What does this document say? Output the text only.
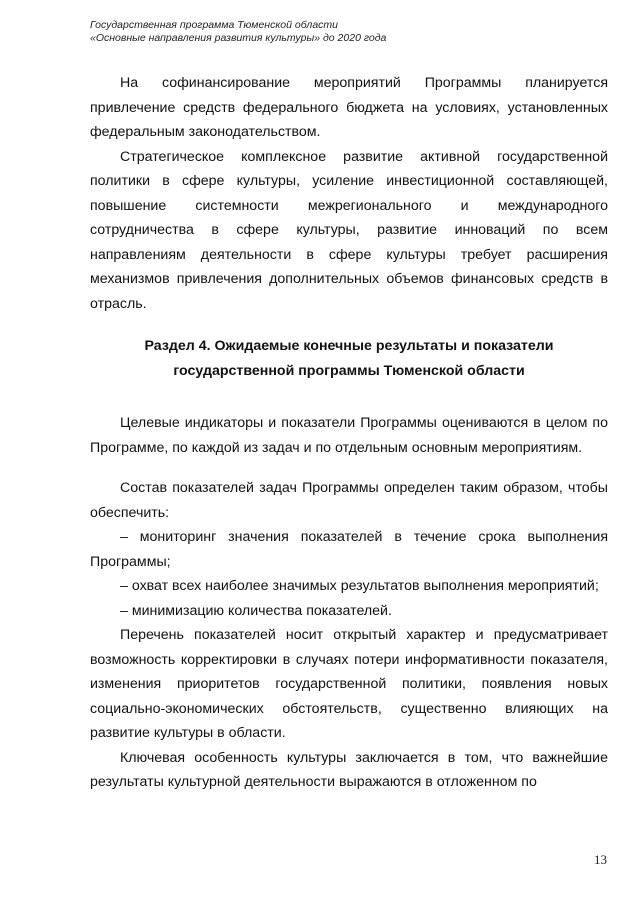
Государственная программа Тюменской области
«Основные направления развития культуры» до 2020 года

На софинансирование мероприятий Программы планируется привлечение средств федерального бюджета на условиях, установленных федеральным законодательством.

Стратегическое комплексное развитие активной государственной политики в сфере культуры, усиление инвестиционной составляющей, повышение системности межрегионального и международного сотрудничества в сфере культуры, развитие инноваций по всем направлениям деятельности в сфере культуры требует расширения механизмов привлечения дополнительных объемов финансовых средств в отрасль.

Раздел 4. Ожидаемые конечные результаты и показатели
государственной программы Тюменской области

Целевые индикаторы и показатели Программы оцениваются в целом по Программе, по каждой из задач и по отдельным основным мероприятиям.

Состав показателей задач Программы определен таким образом, чтобы обеспечить:

– мониторинг значения показателей в течение срока выполнения Программы;

– охват всех наиболее значимых результатов выполнения мероприятий;

– минимизацию количества показателей.

Перечень показателей носит открытый характер и предусматривает возможность корректировки в случаях потери информативности показателя, изменения приоритетов государственной политики, появления новых социально-экономических обстоятельств, существенно влияющих на развитие культуры в области.

Ключевая особенность культуры заключается в том, что важнейшие результаты культурной деятельности выражаются в отложенном по

13
